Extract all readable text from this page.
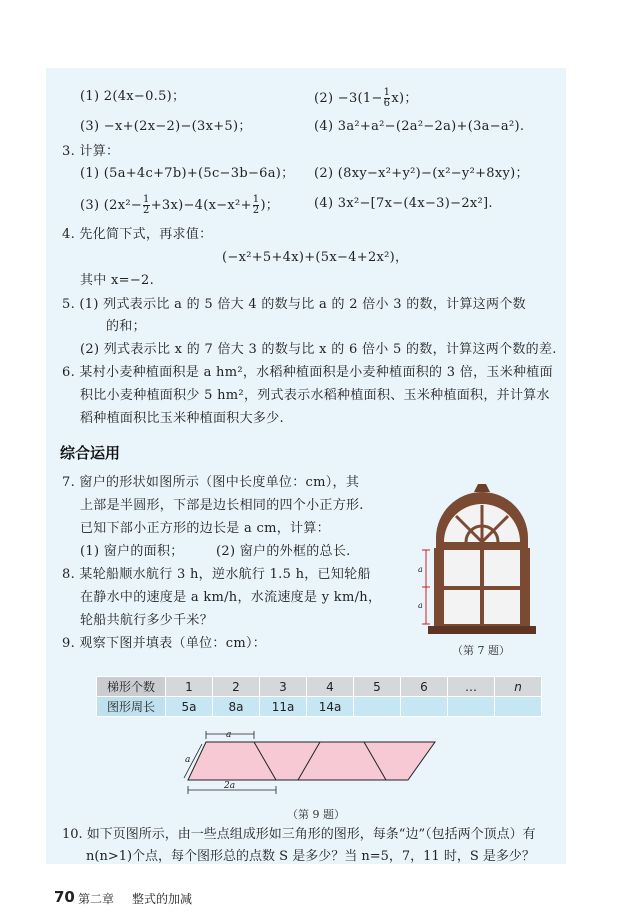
(1) 2(4x−0.5)；	$(2) -3(1- \frac{1}{6} x)$；
(3) −x+(2x−2)−(3x+5)；	(4) 3a²+a²−(2a²−2a)+(3a−a²).
3. 计算：
(1) (5a+4c+7b)+(5c−3b−6a)； (2) (8xy−x²+y²)−(x²−y²+8xy)；
(3) $(2x^2- \frac{1}{2} +3x)-4(x-x^2+ \frac{1}{2}$ )；	(4) 3x²−[7x−(4x−3)−2x²].
4. 先化简下式，再求值：
(−x²+5+4x)+(5x−4+2x²)，
其中 x=−2.
5. (1) 列式表示比 a 的 5 倍大 4 的数与比 a 的 2 倍小 3 的数，计算这两个数
的和；
(2) 列式表示比 x 的 7 倍大 3 的数与比 x 的 6 倍小 5 的数，计算这两个数的差.
6. 某村小麦种植面积是 a hm²，水稻种植面积是小麦种植面积的 3 倍，玉米种植面
积比小麦种植面积少 5 hm²，列式表示水稻种植面积、玉米种植面积，并计算水
稻种植面积比玉米种植面积大多少.
综合运用
7. 窗户的形状如图所示（图中长度单位：cm），其
上部是半圆形，下部是边长相同的四个小正方形.
已知下部小正方形的边长是 a cm，计算：
(1) 窗户的面积； (2) 窗户的外框的总长.
a
a
（第 7 题）
8. 某轮船顺水航行 3 h，逆水航行 1.5 h，已知轮船
在静水中的速度是 a km/h，水流速度是 y km/h，
轮船共航行多少千米？
9. 观察下图并填表（单位：cm）：
梯形个数	1	2	3	4	5	6	…	n
图形周长	5a	8a	11a	14a				
a
a
2a
（第 9 题）
10. 如下页图所示，由一些点组成形如三角形的图形，每条“边”（包括两个顶点）有
n(n>1)个点，每个图形总的点数 S 是多少？当 n=5，7，11 时，S 是多少？
70 第二章 整式的加减
